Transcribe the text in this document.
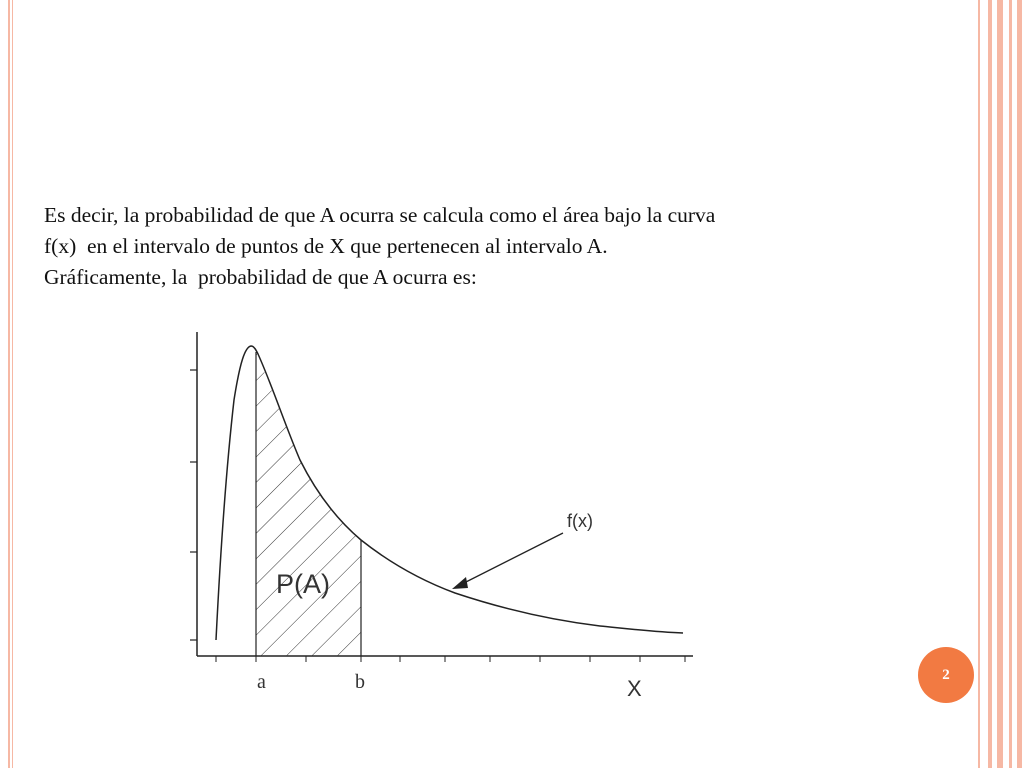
Es decir, la probabilidad de que A ocurra se calcula como el área bajo la curva
f(x)  en el intervalo de puntos de X que pertenecen al intervalo A.
Gráficamente, la  probabilidad de que A ocurra es:
f(x)
P(A)
a	b	X
2
